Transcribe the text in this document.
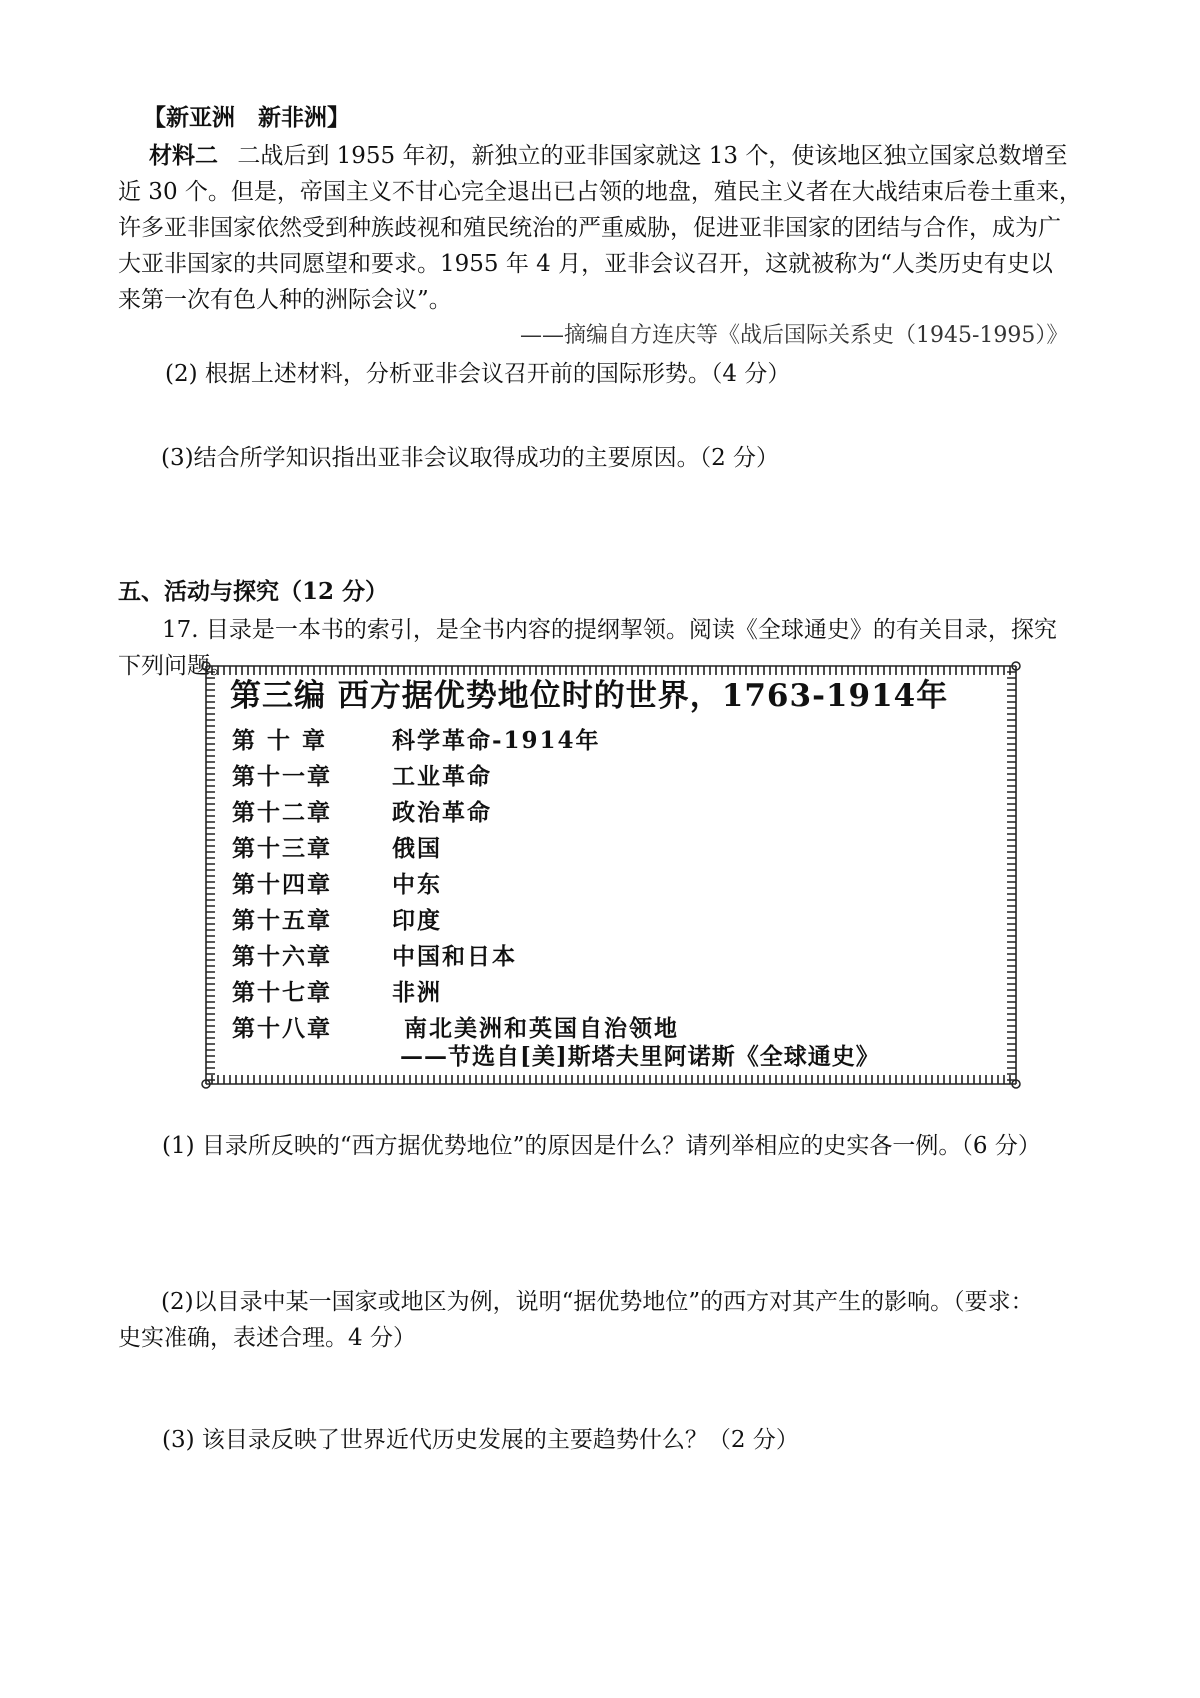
【新亚洲　新非洲】
材料二 二战后到 1955 年初，新独立的亚非国家就这 13 个，使该地区独立国家总数增至
近 30 个。但是，帝国主义不甘心完全退出已占领的地盘，殖民主义者在大战结束后卷土重来，
许多亚非国家依然受到种族歧视和殖民统治的严重威胁，促进亚非国家的团结与合作，成为广
大亚非国家的共同愿望和要求。1955 年 4 月，亚非会议召开，这就被称为“人类历史有史以
来第一次有色人种的洲际会议”。
——摘编自方连庆等《战后国际关系史（1945-1995）》
(2) 根据上述材料，分析亚非会议召开前的国际形势。（4 分）
(3)结合所学知识指出亚非会议取得成功的主要原因。（2 分）
五、活动与探究（12 分）
17. 目录是一本书的索引，是全书内容的提纲挈领。阅读《全球通史》的有关目录，探究
下列问题。
第三编 西方据优势地位时的世界，1763-1914年
第 十 章	科学革命-1914年
第十一章	工业革命
第十二章	政治革命
第十三章	俄国
第十四章	中东
第十五章	印度
第十六章	中国和日本
第十七章	非洲
第十八章	南北美洲和英国自治领地
——节选自[美]斯塔夫里阿诺斯《全球通史》
(1) 目录所反映的“西方据优势地位”的原因是什么？请列举相应的史实各一例。（6 分）
(2)以目录中某一国家或地区为例，说明“据优势地位”的西方对其产生的影响。（要求：
史实准确，表述合理。4 分）
(3) 该目录反映了世界近代历史发展的主要趋势什么？（2 分）
